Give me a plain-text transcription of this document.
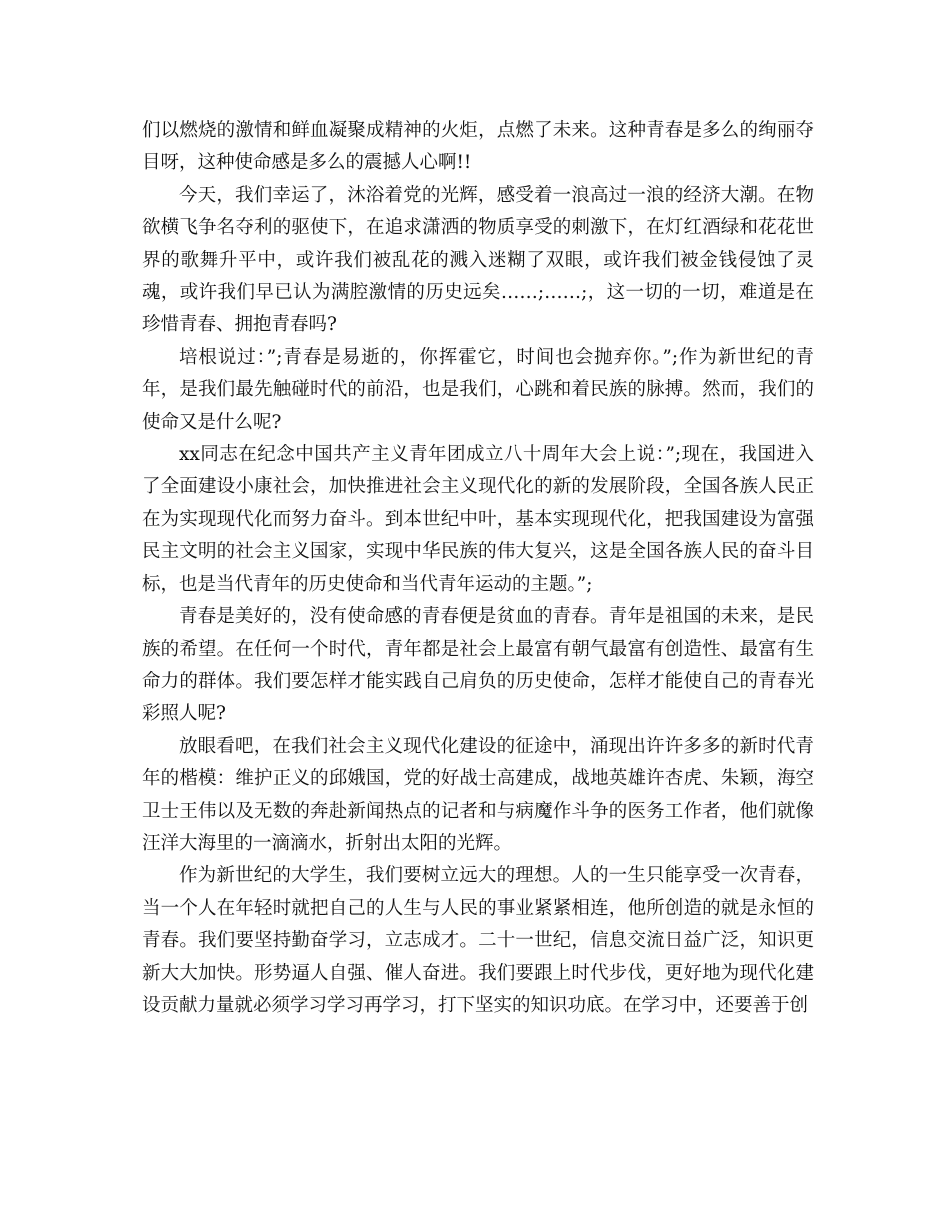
们以燃烧的激情和鲜血凝聚成精神的火炬，点燃了未来。这种青春是多么的绚丽夺目呀，这种使命感是多么的震撼人心啊!!

今天，我们幸运了，沐浴着党的光辉，感受着一浪高过一浪的经济大潮。在物欲横飞争名夺利的驱使下，在追求潇洒的物质享受的刺激下，在灯红酒绿和花花世界的歌舞升平中，或许我们被乱花的溅入迷糊了双眼，或许我们被金钱侵蚀了灵魂，或许我们早已认为满腔激情的历史远矣……;……;，这一切的一切，难道是在珍惜青春、拥抱青春吗?

培根说过：”;青春是易逝的，你挥霍它，时间也会抛弃你。”;作为新世纪的青年，是我们最先触碰时代的前沿，也是我们，心跳和着民族的脉搏。然而，我们的使命又是什么呢?

xx同志在纪念中国共产主义青年团成立八十周年大会上说：”;现在，我国进入了全面建设小康社会，加快推进社会主义现代化的新的发展阶段，全国各族人民正在为实现现代化而努力奋斗。到本世纪中叶，基本实现现代化，把我国建设为富强民主文明的社会主义国家，实现中华民族的伟大复兴，这是全国各族人民的奋斗目标，也是当代青年的历史使命和当代青年运动的主题。”;

青春是美好的，没有使命感的青春便是贫血的青春。青年是祖国的未来，是民族的希望。在任何一个时代，青年都是社会上最富有朝气最富有创造性、最富有生命力的群体。我们要怎样才能实践自己肩负的历史使命，怎样才能使自己的青春光彩照人呢?

放眼看吧，在我们社会主义现代化建设的征途中，涌现出许许多多的新时代青年的楷模：维护正义的邱娥国，党的好战士高建成，战地英雄许杏虎、朱颖，海空卫士王伟以及无数的奔赴新闻热点的记者和与病魔作斗争的医务工作者，他们就像汪洋大海里的一滴滴水，折射出太阳的光辉。

作为新世纪的大学生，我们要树立远大的理想。人的一生只能享受一次青春，当一个人在年轻时就把自己的人生与人民的事业紧紧相连，他所创造的就是永恒的青春。我们要坚持勤奋学习，立志成才。二十一世纪，信息交流日益广泛，知识更新大大加快。形势逼人自强、催人奋进。我们要跟上时代步伐，更好地为现代化建设贡献力量就必须学习学习再学习，打下坚实的知识功底。在学习中，还要善于创
